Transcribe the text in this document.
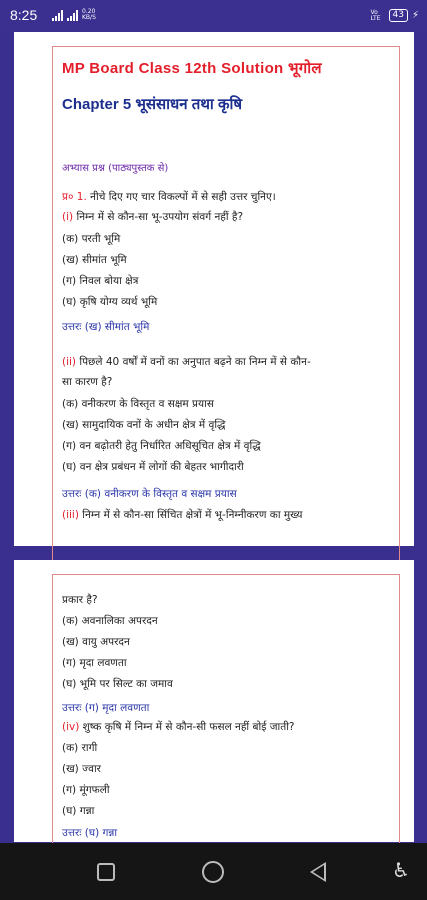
8:25	0.20 KB/S
Vo LTE	43 ⚡
MP Board Class 12th Solution भूगोल
Chapter 5 भूसंसाधन तथा कृषि
अभ्यास प्रश्न (पाठ्यपुस्तक से)
प्र० 1. नीचे दिए गए चार विकल्पों में से सही उत्तर चुनिए।
(i) निम्न में से कौन-सा भू-उपयोग संवर्ग नहीं है?
(क) परती भूमि
(ख) सीमांत भूमि
(ग) निवल बोया क्षेत्र
(घ) कृषि योग्य व्यर्थ भूमि
उत्तरः (ख) सीमांत भूमि
(ii) पिछले 40 वर्षों में वनों का अनुपात बढ़ने का निम्न में से कौन-
सा कारण है?
(क) वनीकरण के विस्तृत व सक्षम प्रयास
(ख) सामुदायिक वनों के अधीन क्षेत्र में वृद्धि
(ग) वन बढ़ोतरी हेतु निर्धारित अधिसूचित क्षेत्र में वृद्धि
(घ) वन क्षेत्र प्रबंधन में लोगों की बेहतर भागीदारी
उत्तरः (क) वनीकरण के विस्तृत व सक्षम प्रयास
(iii) निम्न में से कौन-सा सिंचित क्षेत्रों में भू-निम्नीकरण का मुख्य
प्रकार है?
(क) अवनालिका अपरदन
(ख) वायु अपरदन
(ग) मृदा लवणता
(घ) भूमि पर सिल्ट का जमाव
उत्तरः (ग) मृदा लवणता
(iv) शुष्क कृषि में निम्न में से कौन-सी फसल नहीं बोई जाती?
(क) रागी
(ख) ज्वार
(ग) मूंगफली
(घ) गन्ना
उत्तरः (घ) गन्ना
♿
